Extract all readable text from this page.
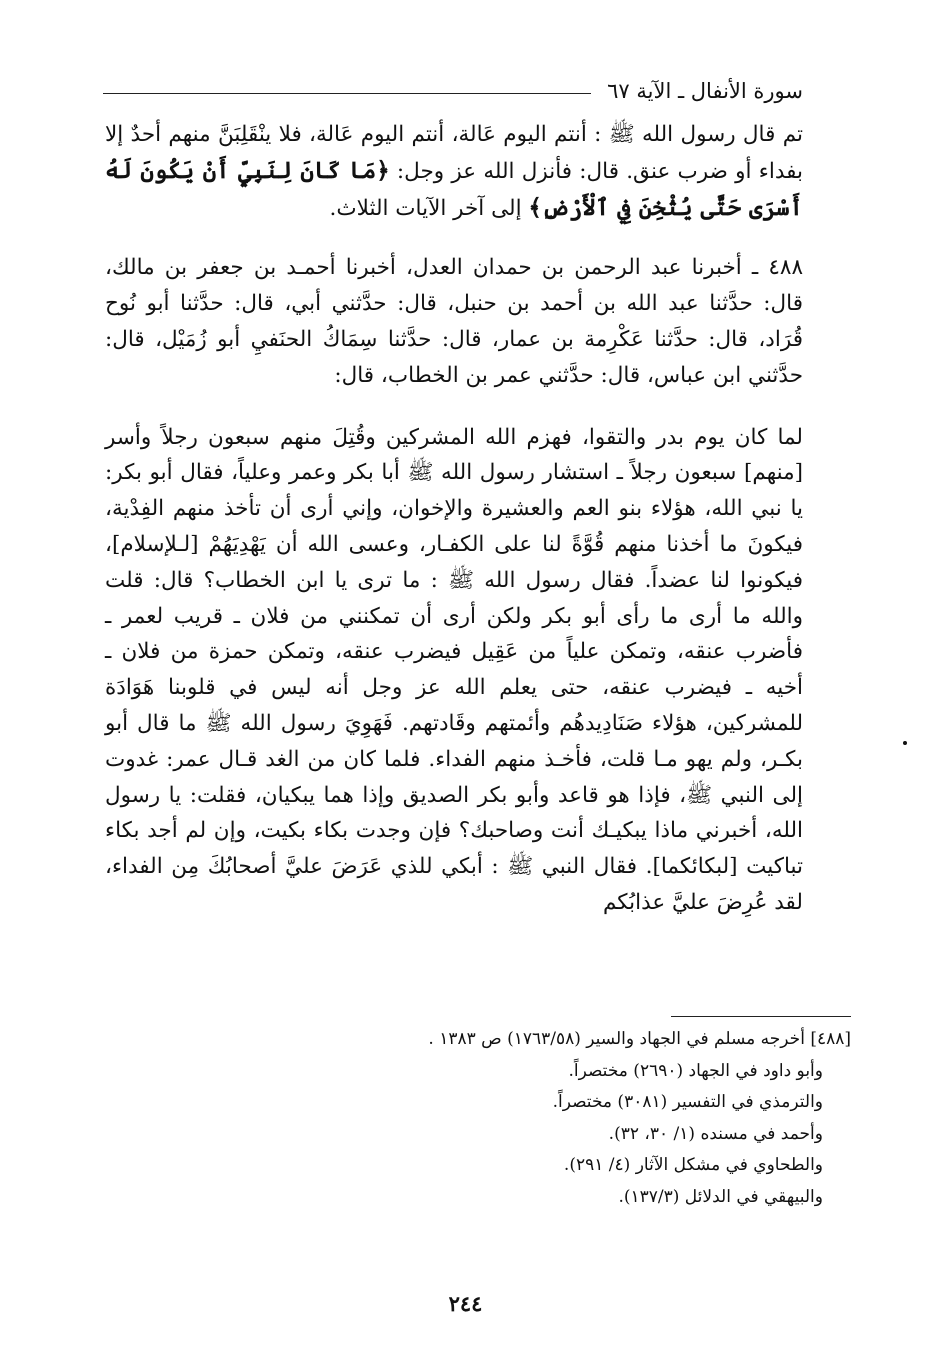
سورة الأنفال ـ الآية ٦٧

تم قال رسول الله ﷺ : أنتم اليوم عَالة، أنتم اليوم عَالة، فلا ينْقَلِبَنَّ منهم أحدٌ إلا بفداء أو ضرب عنق. قال: فأنزل الله عز وجل: ﴿مَا كَانَ لِنَبِيٍّ أَنْ يَكُونَ لَهُ أَسْرَى حَتَّى يُثْخِنَ فِي ٱلْأَرْضِ﴾ إلى آخر الآيات الثلاث.

٤٨٨ ـ أخبرنا عبد الرحمن بن حمدان العدل، أخبرنا أحمـد بن جعفر بن مالك، قال: حدَّثنا عبد الله بن أحمد بن حنبل، قال: حدَّثني أبي، قال: حدَّثنا أبو نُوح قُرَاد، قال: حدَّثنا عَكْرِمة بن عمار، قال: حدَّثنا سِمَاكُ الحنَفيِ أبو زُمَيْل، قال: حدَّثني ابن عباس، قال: حدَّثني عمر بن الخطاب، قال:

لما كان يوم بدر والتقوا، فهزم الله المشركين وقُتِلَ منهم سبعون رجلاً وأسر [منهم] سبعون رجلاً ـ استشار رسول الله ﷺ أبا بكر وعمر وعلياً، فقال أبو بكر: يا نبي الله، هؤلاء بنو العم والعشيرة والإخوان، وإني أرى أن تأخذ منهم الفِدْية، فيكونَ ما أخذنا منهم قُوَّةً لنا على الكفـار، وعسى الله أن يَهْدِيَهُمْ [لـلإسلام]، فيكونوا لنا عضداً. فقال رسول الله ﷺ : ما ترى يا ابن الخطاب؟ قال: قلت والله ما أرى ما رأى أبو بكر ولكن أرى أن تمكنني من فلان ـ قريب لعمر ـ فأضرب عنقه، وتمكن علياً من عَقِيل فيضرب عنقه، وتمكن حمزة من فلان ـ أخيه ـ فيضرب عنقه، حتى يعلم الله عز وجل أنه ليس في قلوبنا هَوَادَة للمشركين، هؤلاء صَنَادِيدهُم وأئمتهم وقَادتهم. فَهَوِيَ رسول الله ﷺ ما قال أبو بكـر، ولم يهو مـا قلت، فأخـذ منهم الفداء. فلما كان من الغد قـال عمر: غدوت إلى النبي ﷺ، فإذا هو قاعد وأبو بكر الصديق وإذا هما يبكيان، فقلت: يا رسول الله، أخبرني ماذا يبكيـك أنت وصاحبك؟ فإن وجدت بكاء بكيت، وإن لم أجد بكاء تباكيت [لبكائكما]. فقال النبي ﷺ : أبكي للذي عَرَضَ عليَّ أصحابُكَ مِن الفداء، لقد عُرِضَ عليَّ عذابُكم

[٤٨٨] أخرجه مسلم في الجهاد والسير (١٧٦٣/٥٨) ص ١٣٨٣ .
وأبو داود في الجهاد (٢٦٩٠) مختصراً.
والترمذي في التفسير (٣٠٨١) مختصراً.
وأحمد في مسنده (١/ ٣٠، ٣٢).
والطحاوي في مشكل الآثار (٤/ ٢٩١).
والبيهقي في الدلائل (١٣٧/٣).
٢٤٤
